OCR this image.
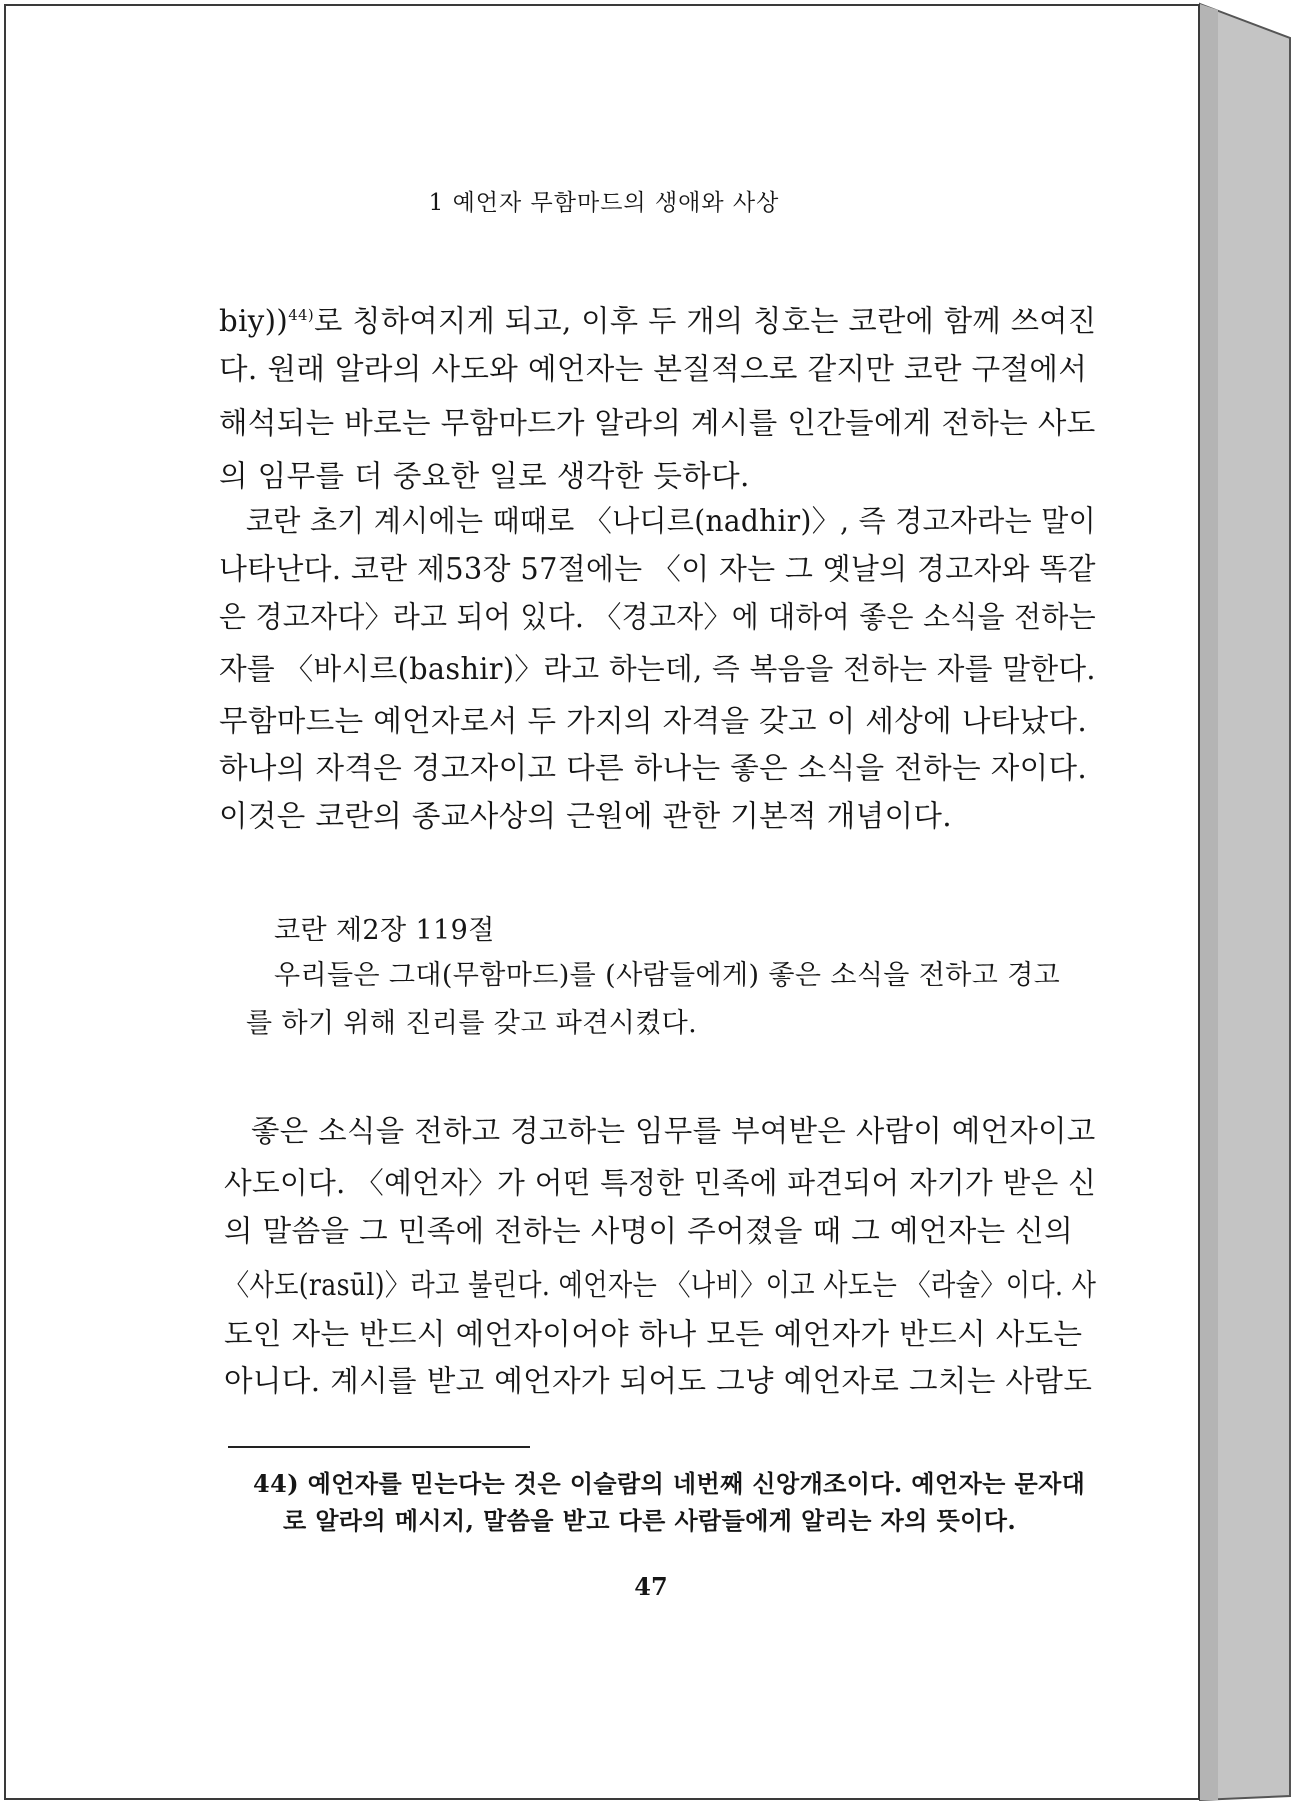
1 예언자 무함마드의 생애와 사상
biy))$^{44)}$로 칭하여지게 되고, 이후 두 개의 칭호는 코란에 함께 쓰여진
다. 원래 알라의 사도와 예언자는 본질적으로 같지만 코란 구절에서
해석되는 바로는 무함마드가 알라의 계시를 인간들에게 전하는 사도
의 임무를 더 중요한 일로 생각한 듯하다.
코란 초기 계시에는 때때로 〈나디르(nadhir)〉, 즉 경고자라는 말이
나타난다. 코란 제53장 57절에는 〈이 자는 그 옛날의 경고자와 똑같
은 경고자다〉라고 되어 있다. 〈경고자〉에 대하여 좋은 소식을 전하는
자를 〈바시르(bashir)〉라고 하는데, 즉 복음을 전하는 자를 말한다.
무함마드는 예언자로서 두 가지의 자격을 갖고 이 세상에 나타났다.
하나의 자격은 경고자이고 다른 하나는 좋은 소식을 전하는 자이다.
이것은 코란의 종교사상의 근원에 관한 기본적 개념이다.
코란 제2장 119절
우리들은 그대(무함마드)를 (사람들에게) 좋은 소식을 전하고 경고
를 하기 위해 진리를 갖고 파견시켰다.
좋은 소식을 전하고 경고하는 임무를 부여받은 사람이 예언자이고
사도이다. 〈예언자〉가 어떤 특정한 민족에 파견되어 자기가 받은 신
의 말씀을 그 민족에 전하는 사명이 주어졌을 때 그 예언자는 신의
〈사도(rasūl)〉라고 불린다. 예언자는 〈나비〉이고 사도는 〈라술〉이다. 사
도인 자는 반드시 예언자이어야 하나 모든 예언자가 반드시 사도는
아니다. 계시를 받고 예언자가 되어도 그냥 예언자로 그치는 사람도
44) 예언자를 믿는다는 것은 이슬람의 네번째 신앙개조이다. 예언자는 문자대
로 알라의 메시지, 말씀을 받고 다른 사람들에게 알리는 자의 뜻이다.
47
